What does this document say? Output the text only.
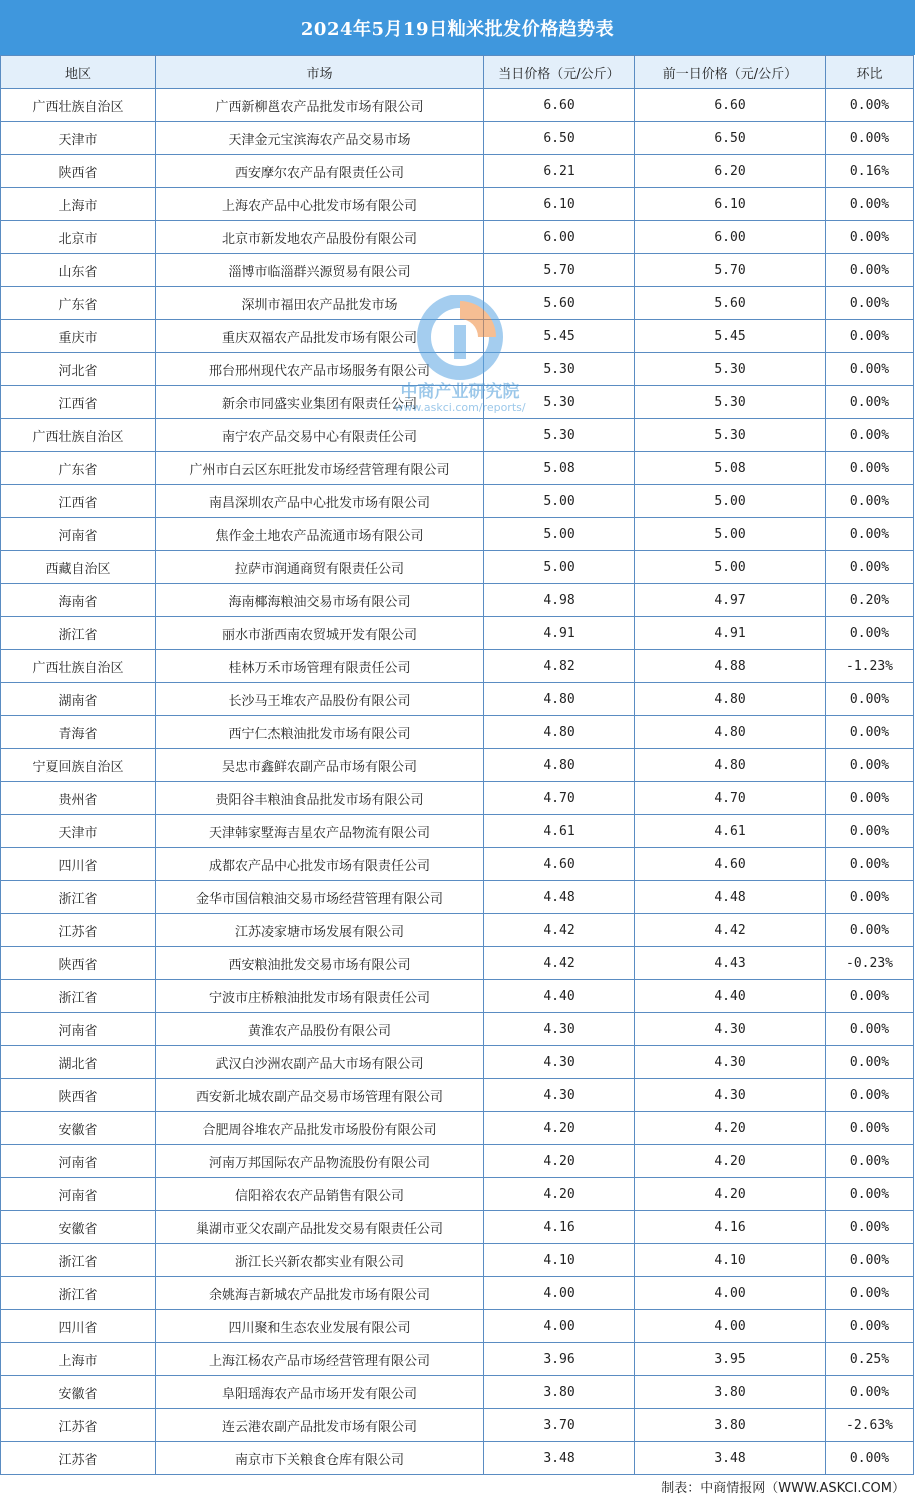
2024年5月19日籼米批发价格趋势表
地区	市场	当日价格（元/公斤）	前一日价格（元/公斤）	环比
广西壮族自治区	广西新柳邕农产品批发市场有限公司	6.60	6.60	0.00%
天津市	天津金元宝滨海农产品交易市场	6.50	6.50	0.00%
陕西省	西安摩尔农产品有限责任公司	6.21	6.20	0.16%
上海市	上海农产品中心批发市场有限公司	6.10	6.10	0.00%
北京市	北京市新发地农产品股份有限公司	6.00	6.00	0.00%
山东省	淄博市临淄群兴源贸易有限公司	5.70	5.70	0.00%
广东省	深圳市福田农产品批发市场	5.60	5.60	0.00%
重庆市	重庆双福农产品批发市场有限公司	5.45	5.45	0.00%
河北省	邢台邢州现代农产品市场服务有限公司	5.30	5.30	0.00%
江西省	新余市同盛实业集团有限责任公司	5.30	5.30	0.00%
广西壮族自治区	南宁农产品交易中心有限责任公司	5.30	5.30	0.00%
广东省	广州市白云区东旺批发市场经营管理有限公司	5.08	5.08	0.00%
江西省	南昌深圳农产品中心批发市场有限公司	5.00	5.00	0.00%
河南省	焦作金土地农产品流通市场有限公司	5.00	5.00	0.00%
西藏自治区	拉萨市润通商贸有限责任公司	5.00	5.00	0.00%
海南省	海南椰海粮油交易市场有限公司	4.98	4.97	0.20%
浙江省	丽水市浙西南农贸城开发有限公司	4.91	4.91	0.00%
广西壮族自治区	桂林万禾市场管理有限责任公司	4.82	4.88	-1.23%
湖南省	长沙马王堆农产品股份有限公司	4.80	4.80	0.00%
青海省	西宁仁杰粮油批发市场有限公司	4.80	4.80	0.00%
宁夏回族自治区	吴忠市鑫鲜农副产品市场有限公司	4.80	4.80	0.00%
贵州省	贵阳谷丰粮油食品批发市场有限公司	4.70	4.70	0.00%
天津市	天津韩家墅海吉星农产品物流有限公司	4.61	4.61	0.00%
四川省	成都农产品中心批发市场有限责任公司	4.60	4.60	0.00%
浙江省	金华市国信粮油交易市场经营管理有限公司	4.48	4.48	0.00%
江苏省	江苏凌家塘市场发展有限公司	4.42	4.42	0.00%
陕西省	西安粮油批发交易市场有限公司	4.42	4.43	-0.23%
浙江省	宁波市庄桥粮油批发市场有限责任公司	4.40	4.40	0.00%
河南省	黄淮农产品股份有限公司	4.30	4.30	0.00%
湖北省	武汉白沙洲农副产品大市场有限公司	4.30	4.30	0.00%
陕西省	西安新北城农副产品交易市场管理有限公司	4.30	4.30	0.00%
安徽省	合肥周谷堆农产品批发市场股份有限公司	4.20	4.20	0.00%
河南省	河南万邦国际农产品物流股份有限公司	4.20	4.20	0.00%
河南省	信阳裕农农产品销售有限公司	4.20	4.20	0.00%
安徽省	巢湖市亚父农副产品批发交易有限责任公司	4.16	4.16	0.00%
浙江省	浙江长兴新农都实业有限公司	4.10	4.10	0.00%
浙江省	余姚海吉新城农产品批发市场有限公司	4.00	4.00	0.00%
四川省	四川聚和生态农业发展有限公司	4.00	4.00	0.00%
上海市	上海江杨农产品市场经营管理有限公司	3.96	3.95	0.25%
安徽省	阜阳瑶海农产品市场开发有限公司	3.80	3.80	0.00%
江苏省	连云港农副产品批发市场有限公司	3.70	3.80	-2.63%
江苏省	南京市下关粮食仓库有限公司	3.48	3.48	0.00%
中商产业研究院
www.askci.com/reports/
制表：中商情报网（WWW.ASKCI.COM）
